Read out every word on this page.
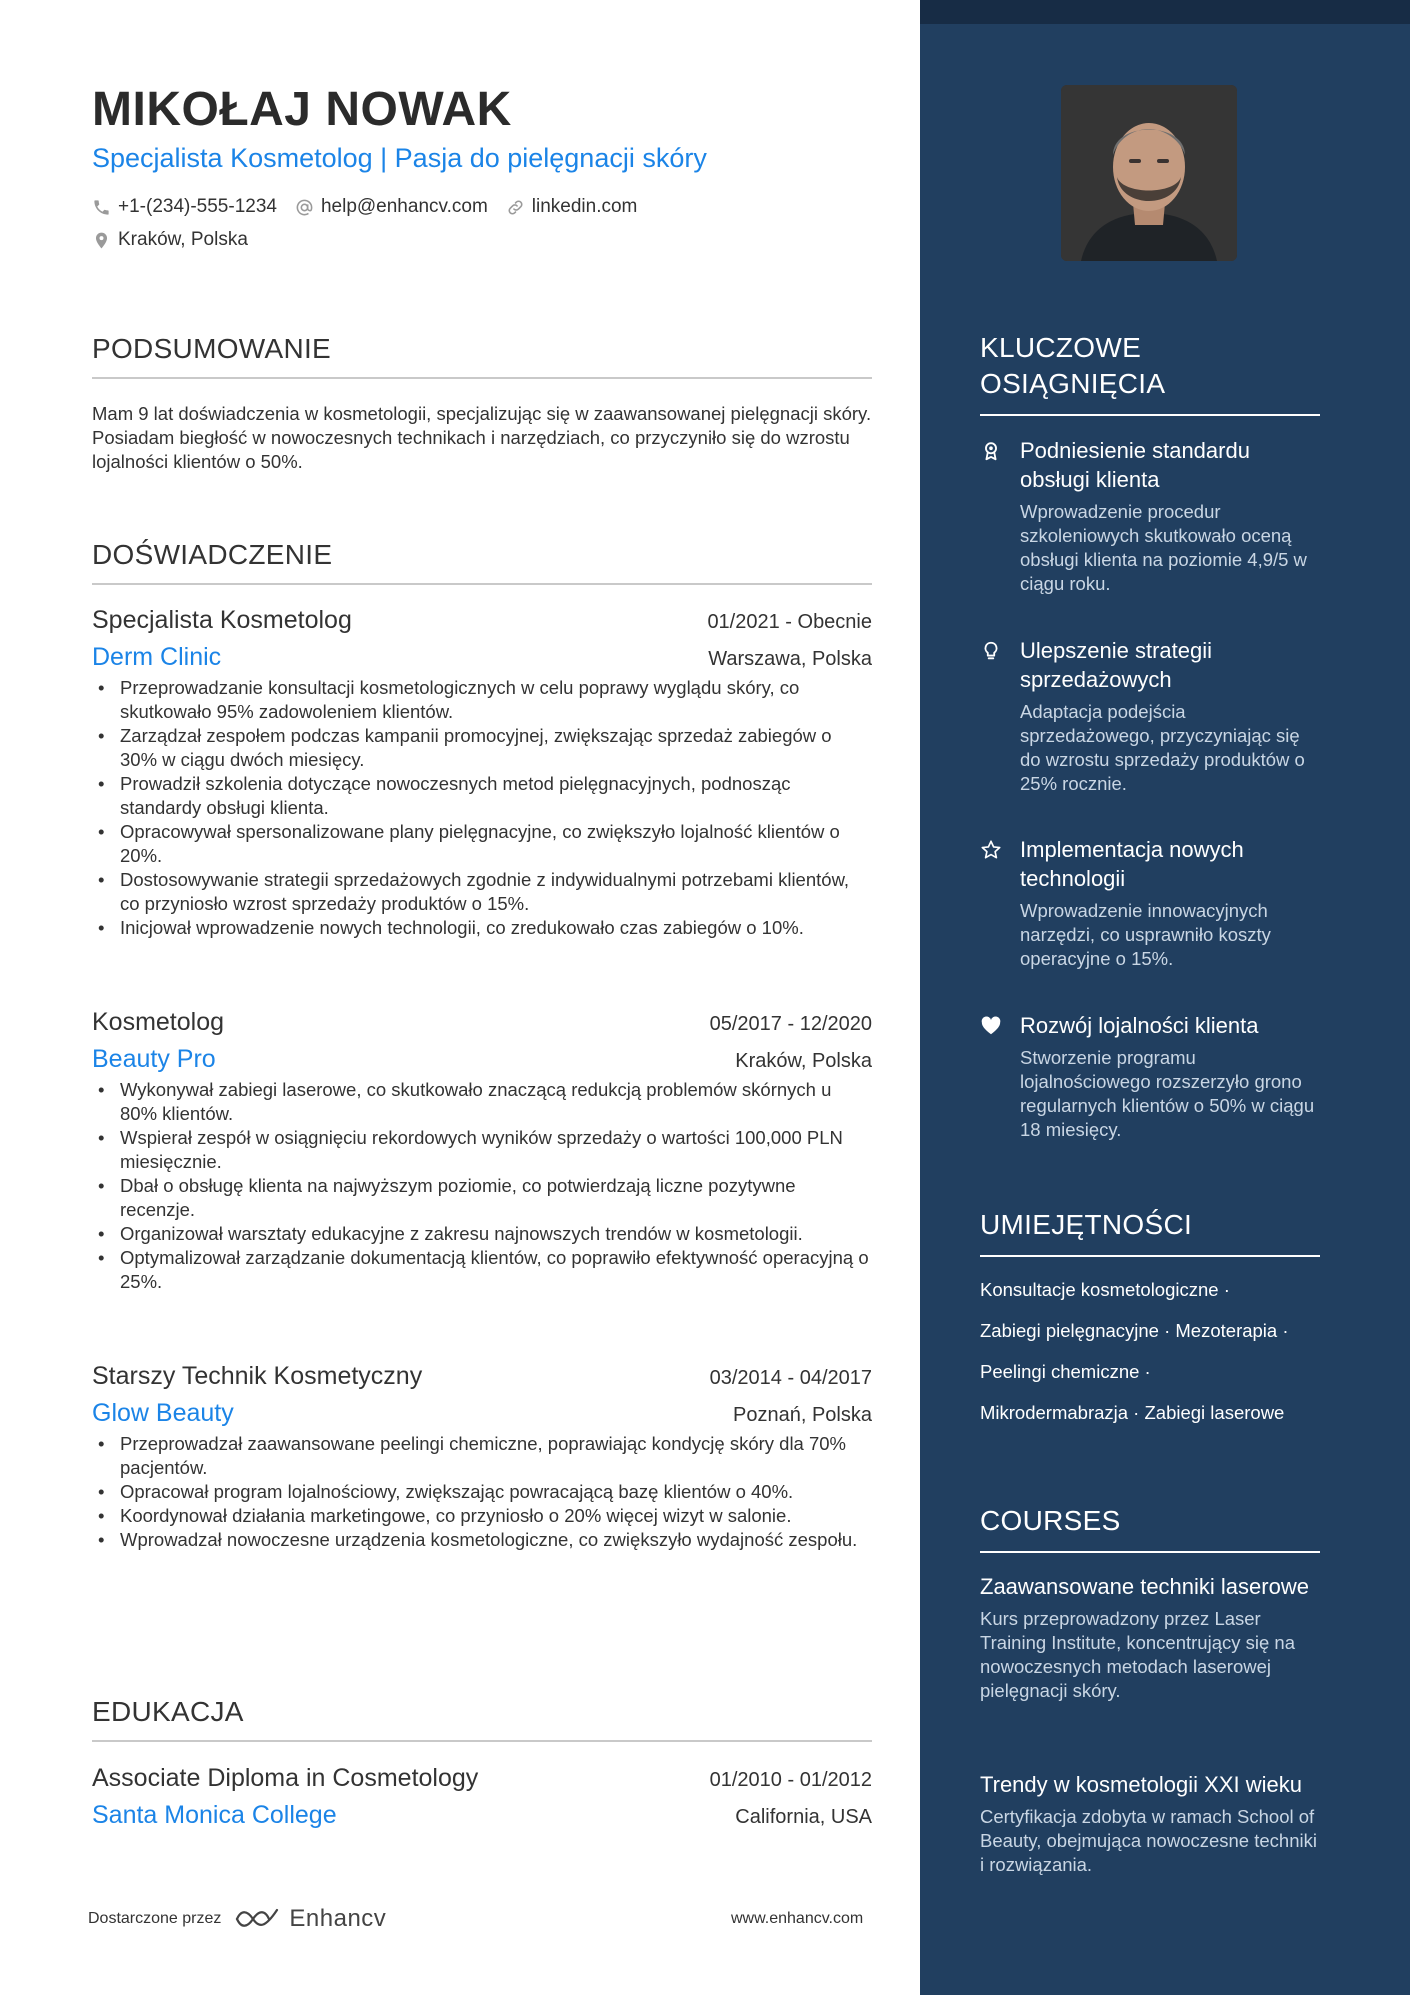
MIKOŁAJ NOWAK
Specjalista Kosmetolog | Pasja do pielęgnacji skóry
+1-(234)-555-1234 help@enhancv.com linkedin.com
Kraków, Polska
PODSUMOWANIE
Mam 9 lat doświadczenia w kosmetologii, specjalizując się w zaawansowanej pielęgnacji skóry. Posiadam biegłość w nowoczesnych technikach i narzędziach, co przyczyniło się do wzrostu lojalności klientów o 50%.
DOŚWIADCZENIE
Specjalista Kosmetolog	01/2021 - Obecnie
Derm Clinic	Warszawa, Polska
• Przeprowadzanie konsultacji kosmetologicznych w celu poprawy wyglądu skóry, co skutkowało 95% zadowoleniem klientów.
• Zarządzał zespołem podczas kampanii promocyjnej, zwiększając sprzedaż zabiegów o 30% w ciągu dwóch miesięcy.
• Prowadził szkolenia dotyczące nowoczesnych metod pielęgnacyjnych, podnosząc standardy obsługi klienta.
• Opracowywał spersonalizowane plany pielęgnacyjne, co zwiększyło lojalność klientów o 20%.
• Dostosowywanie strategii sprzedażowych zgodnie z indywidualnymi potrzebami klientów, co przyniosło wzrost sprzedaży produktów o 15%.
• Inicjował wprowadzenie nowych technologii, co zredukowało czas zabiegów o 10%.
Kosmetolog	05/2017 - 12/2020
Beauty Pro	Kraków, Polska
• Wykonywał zabiegi laserowe, co skutkowało znaczącą redukcją problemów skórnych u 80% klientów.
• Wspierał zespół w osiągnięciu rekordowych wyników sprzedaży o wartości 100,000 PLN miesięcznie.
• Dbał o obsługę klienta na najwyższym poziomie, co potwierdzają liczne pozytywne recenzje.
• Organizował warsztaty edukacyjne z zakresu najnowszych trendów w kosmetologii.
• Optymalizował zarządzanie dokumentacją klientów, co poprawiło efektywność operacyjną o 25%.
Starszy Technik Kosmetyczny	03/2014 - 04/2017
Glow Beauty	Poznań, Polska
• Przeprowadzał zaawansowane peelingi chemiczne, poprawiając kondycję skóry dla 70% pacjentów.
• Opracował program lojalnościowy, zwiększając powracającą bazę klientów o 40%.
• Koordynował działania marketingowe, co przyniosło o 20% więcej wizyt w salonie.
• Wprowadzał nowoczesne urządzenia kosmetologiczne, co zwiększyło wydajność zespołu.
EDUKACJA
Associate Diploma in Cosmetology	01/2010 - 01/2012
Santa Monica College	California, USA
Dostarczone przez	Enhancv	www.enhancv.com
KLUCZOWE
OSIĄGNIĘCIA
Podniesienie standardu obsługi klienta
Wprowadzenie procedur szkoleniowych skutkowało oceną obsługi klienta na poziomie 4,9/5 w ciągu roku.
Ulepszenie strategii sprzedażowych
Adaptacja podejścia sprzedażowego, przyczyniając się do wzrostu sprzedaży produktów o 25% rocznie.
Implementacja nowych technologii
Wprowadzenie innowacyjnych narzędzi, co usprawniło koszty operacyjne o 15%.
Rozwój lojalności klienta
Stworzenie programu lojalnościowego rozszerzyło grono regularnych klientów o 50% w ciągu 18 miesięcy.
UMIEJĘTNOŚCI
Konsultacje kosmetologiczne ·
Zabiegi pielęgnacyjne · Mezoterapia ·
Peelingi chemiczne ·
Mikrodermabrazja · Zabiegi laserowe
COURSES
Zaawansowane techniki laserowe
Kurs przeprowadzony przez Laser Training Institute, koncentrujący się na nowoczesnych metodach laserowej pielęgnacji skóry.
Trendy w kosmetologii XXI wieku
Certyfikacja zdobyta w ramach School of Beauty, obejmująca nowoczesne techniki i rozwiązania.
